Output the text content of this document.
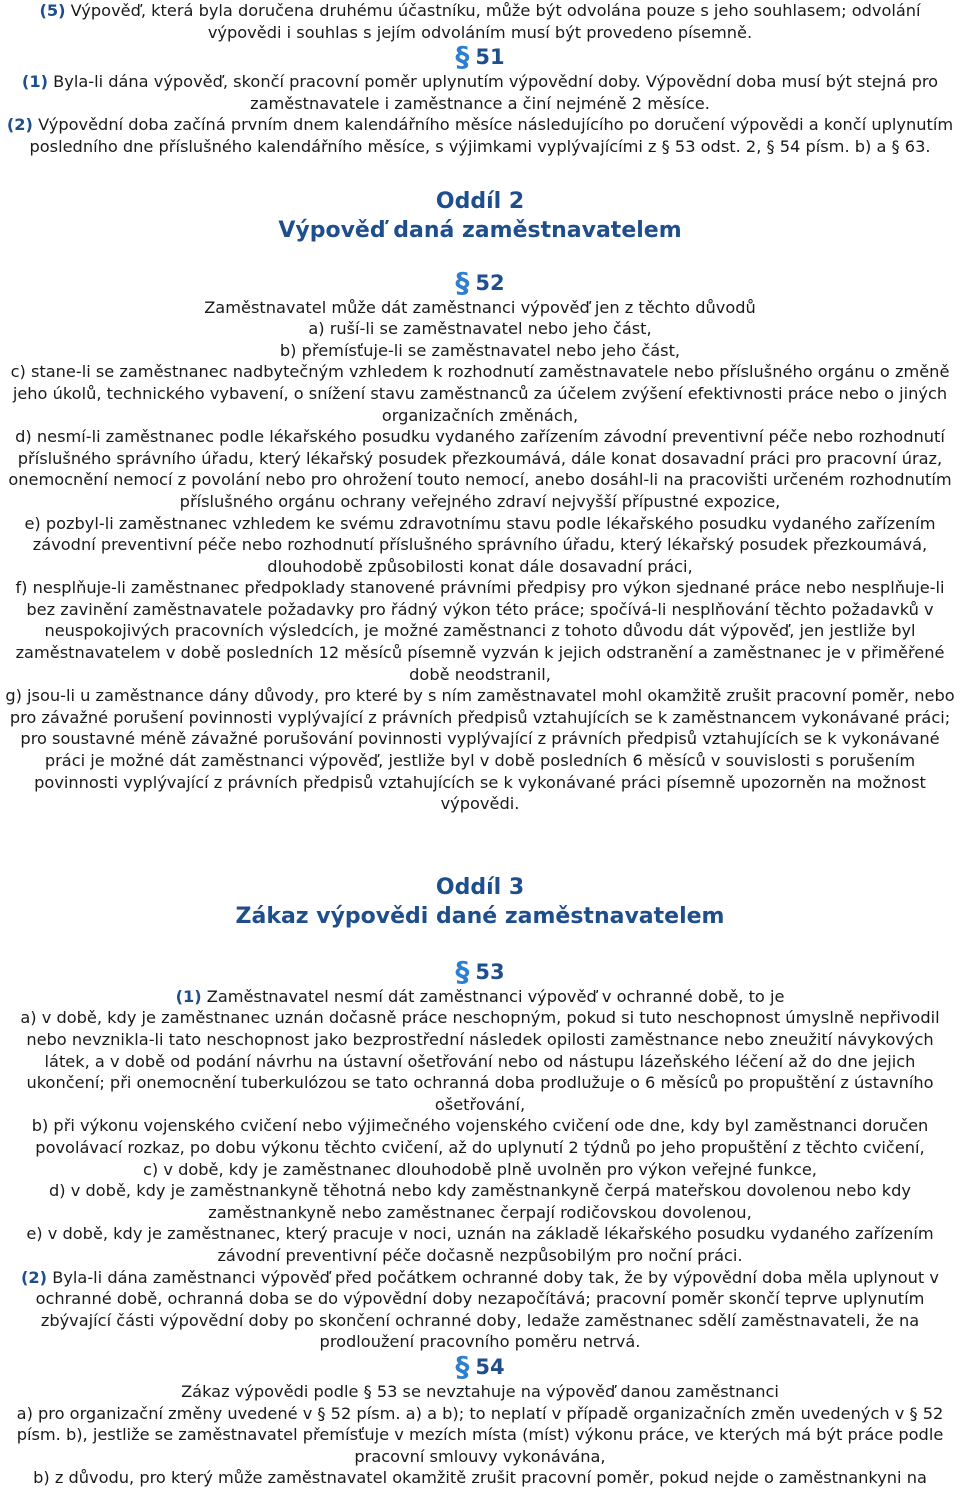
(5) Výpověď, která byla doručena druhému účastníku, může být odvolána pouze s jeho souhlasem; odvolání výpovědi i souhlas s jejím odvoláním musí být provedeno písemně.

§ 51

(1) Byla-li dána výpověď, skončí pracovní poměr uplynutím výpovědní doby. Výpovědní doba musí být stejná pro zaměstnavatele i zaměstnance a činí nejméně 2 měsíce.

(2) Výpovědní doba začíná prvním dnem kalendářního měsíce následujícího po doručení výpovědi a končí uplynutím posledního dne příslušného kalendářního měsíce, s výjimkami vyplývajícími z § 53 odst. 2, § 54 písm. b) a § 63.

Oddíl 2

Výpověď daná zaměstnavatelem

§ 52

Zaměstnavatel může dát zaměstnanci výpověď jen z těchto důvodů

a) ruší-li se zaměstnavatel nebo jeho část,

b) přemísťuje-li se zaměstnavatel nebo jeho část,

c) stane-li se zaměstnanec nadbytečným vzhledem k rozhodnutí zaměstnavatele nebo příslušného orgánu o změně jeho úkolů, technického vybavení, o snížení stavu zaměstnanců za účelem zvýšení efektivnosti práce nebo o jiných organizačních změnách,

d) nesmí-li zaměstnanec podle lékařského posudku vydaného zařízením závodní preventivní péče nebo rozhodnutí příslušného správního úřadu, který lékařský posudek přezkoumává, dále konat dosavadní práci pro pracovní úraz, onemocnění nemocí z povolání nebo pro ohrožení touto nemocí, anebo dosáhl-li na pracovišti určeném rozhodnutím příslušného orgánu ochrany veřejného zdraví nejvyšší přípustné expozice,

e) pozbyl-li zaměstnanec vzhledem ke svému zdravotnímu stavu podle lékařského posudku vydaného zařízením závodní preventivní péče nebo rozhodnutí příslušného správního úřadu, který lékařský posudek přezkoumává, dlouhodobě způsobilosti konat dále dosavadní práci,

f) nesplňuje-li zaměstnanec předpoklady stanovené právními předpisy pro výkon sjednané práce nebo nesplňuje-li bez zavinění zaměstnavatele požadavky pro řádný výkon této práce; spočívá-li nesplňování těchto požadavků v neuspokojivých pracovních výsledcích, je možné zaměstnanci z tohoto důvodu dát výpověď, jen jestliže byl zaměstnavatelem v době posledních 12 měsíců písemně vyzván k jejich odstranění a zaměstnanec je v přiměřené době neodstranil,

g) jsou-li u zaměstnance dány důvody, pro které by s ním zaměstnavatel mohl okamžitě zrušit pracovní poměr, nebo pro závažné porušení povinnosti vyplývající z právních předpisů vztahujících se k zaměstnancem vykonávané práci; pro soustavné méně závažné porušování povinnosti vyplývající z právních předpisů vztahujících se k vykonávané práci je možné dát zaměstnanci výpověď, jestliže byl v době posledních 6 měsíců v souvislosti s porušením povinnosti vyplývající z právních předpisů vztahujících se k vykonávané práci písemně upozorněn na možnost výpovědi.

Oddíl 3

Zákaz výpovědi dané zaměstnavatelem

§ 53

(1) Zaměstnavatel nesmí dát zaměstnanci výpověď v ochranné době, to je

a) v době, kdy je zaměstnanec uznán dočasně práce neschopným, pokud si tuto neschopnost úmyslně nepřivodil nebo nevznikla-li tato neschopnost jako bezprostřední následek opilosti zaměstnance nebo zneužití návykových látek, a v době od podání návrhu na ústavní ošetřování nebo od nástupu lázeňského léčení až do dne jejich ukončení; při onemocnění tuberkulózou se tato ochranná doba prodlužuje o 6 měsíců po propuštění z ústavního ošetřování,

b) při výkonu vojenského cvičení nebo výjimečného vojenského cvičení ode dne, kdy byl zaměstnanci doručen povolávací rozkaz, po dobu výkonu těchto cvičení, až do uplynutí 2 týdnů po jeho propuštění z těchto cvičení,

c) v době, kdy je zaměstnanec dlouhodobě plně uvolněn pro výkon veřejné funkce,

d) v době, kdy je zaměstnankyně těhotná nebo kdy zaměstnankyně čerpá mateřskou dovolenou nebo kdy zaměstnankyně nebo zaměstnanec čerpají rodičovskou dovolenou,

e) v době, kdy je zaměstnanec, který pracuje v noci, uznán na základě lékařského posudku vydaného zařízením závodní preventivní péče dočasně nezpůsobilým pro noční práci.

(2) Byla-li dána zaměstnanci výpověď před počátkem ochranné doby tak, že by výpovědní doba měla uplynout v ochranné době, ochranná doba se do výpovědní doby nezapočítává; pracovní poměr skončí teprve uplynutím zbývající části výpovědní doby po skončení ochranné doby, ledaže zaměstnanec sdělí zaměstnavateli, že na prodloužení pracovního poměru netrvá.

§ 54

Zákaz výpovědi podle § 53 se nevztahuje na výpověď danou zaměstnanci

a) pro organizační změny uvedené v § 52 písm. a) a b); to neplatí v případě organizačních změn uvedených v § 52 písm. b), jestliže se zaměstnavatel přemísťuje v mezích místa (míst) výkonu práce, ve kterých má být práce podle pracovní smlouvy vykonávána,

b) z důvodu, pro který může zaměstnavatel okamžitě zrušit pracovní poměr, pokud nejde o zaměstnankyni na
